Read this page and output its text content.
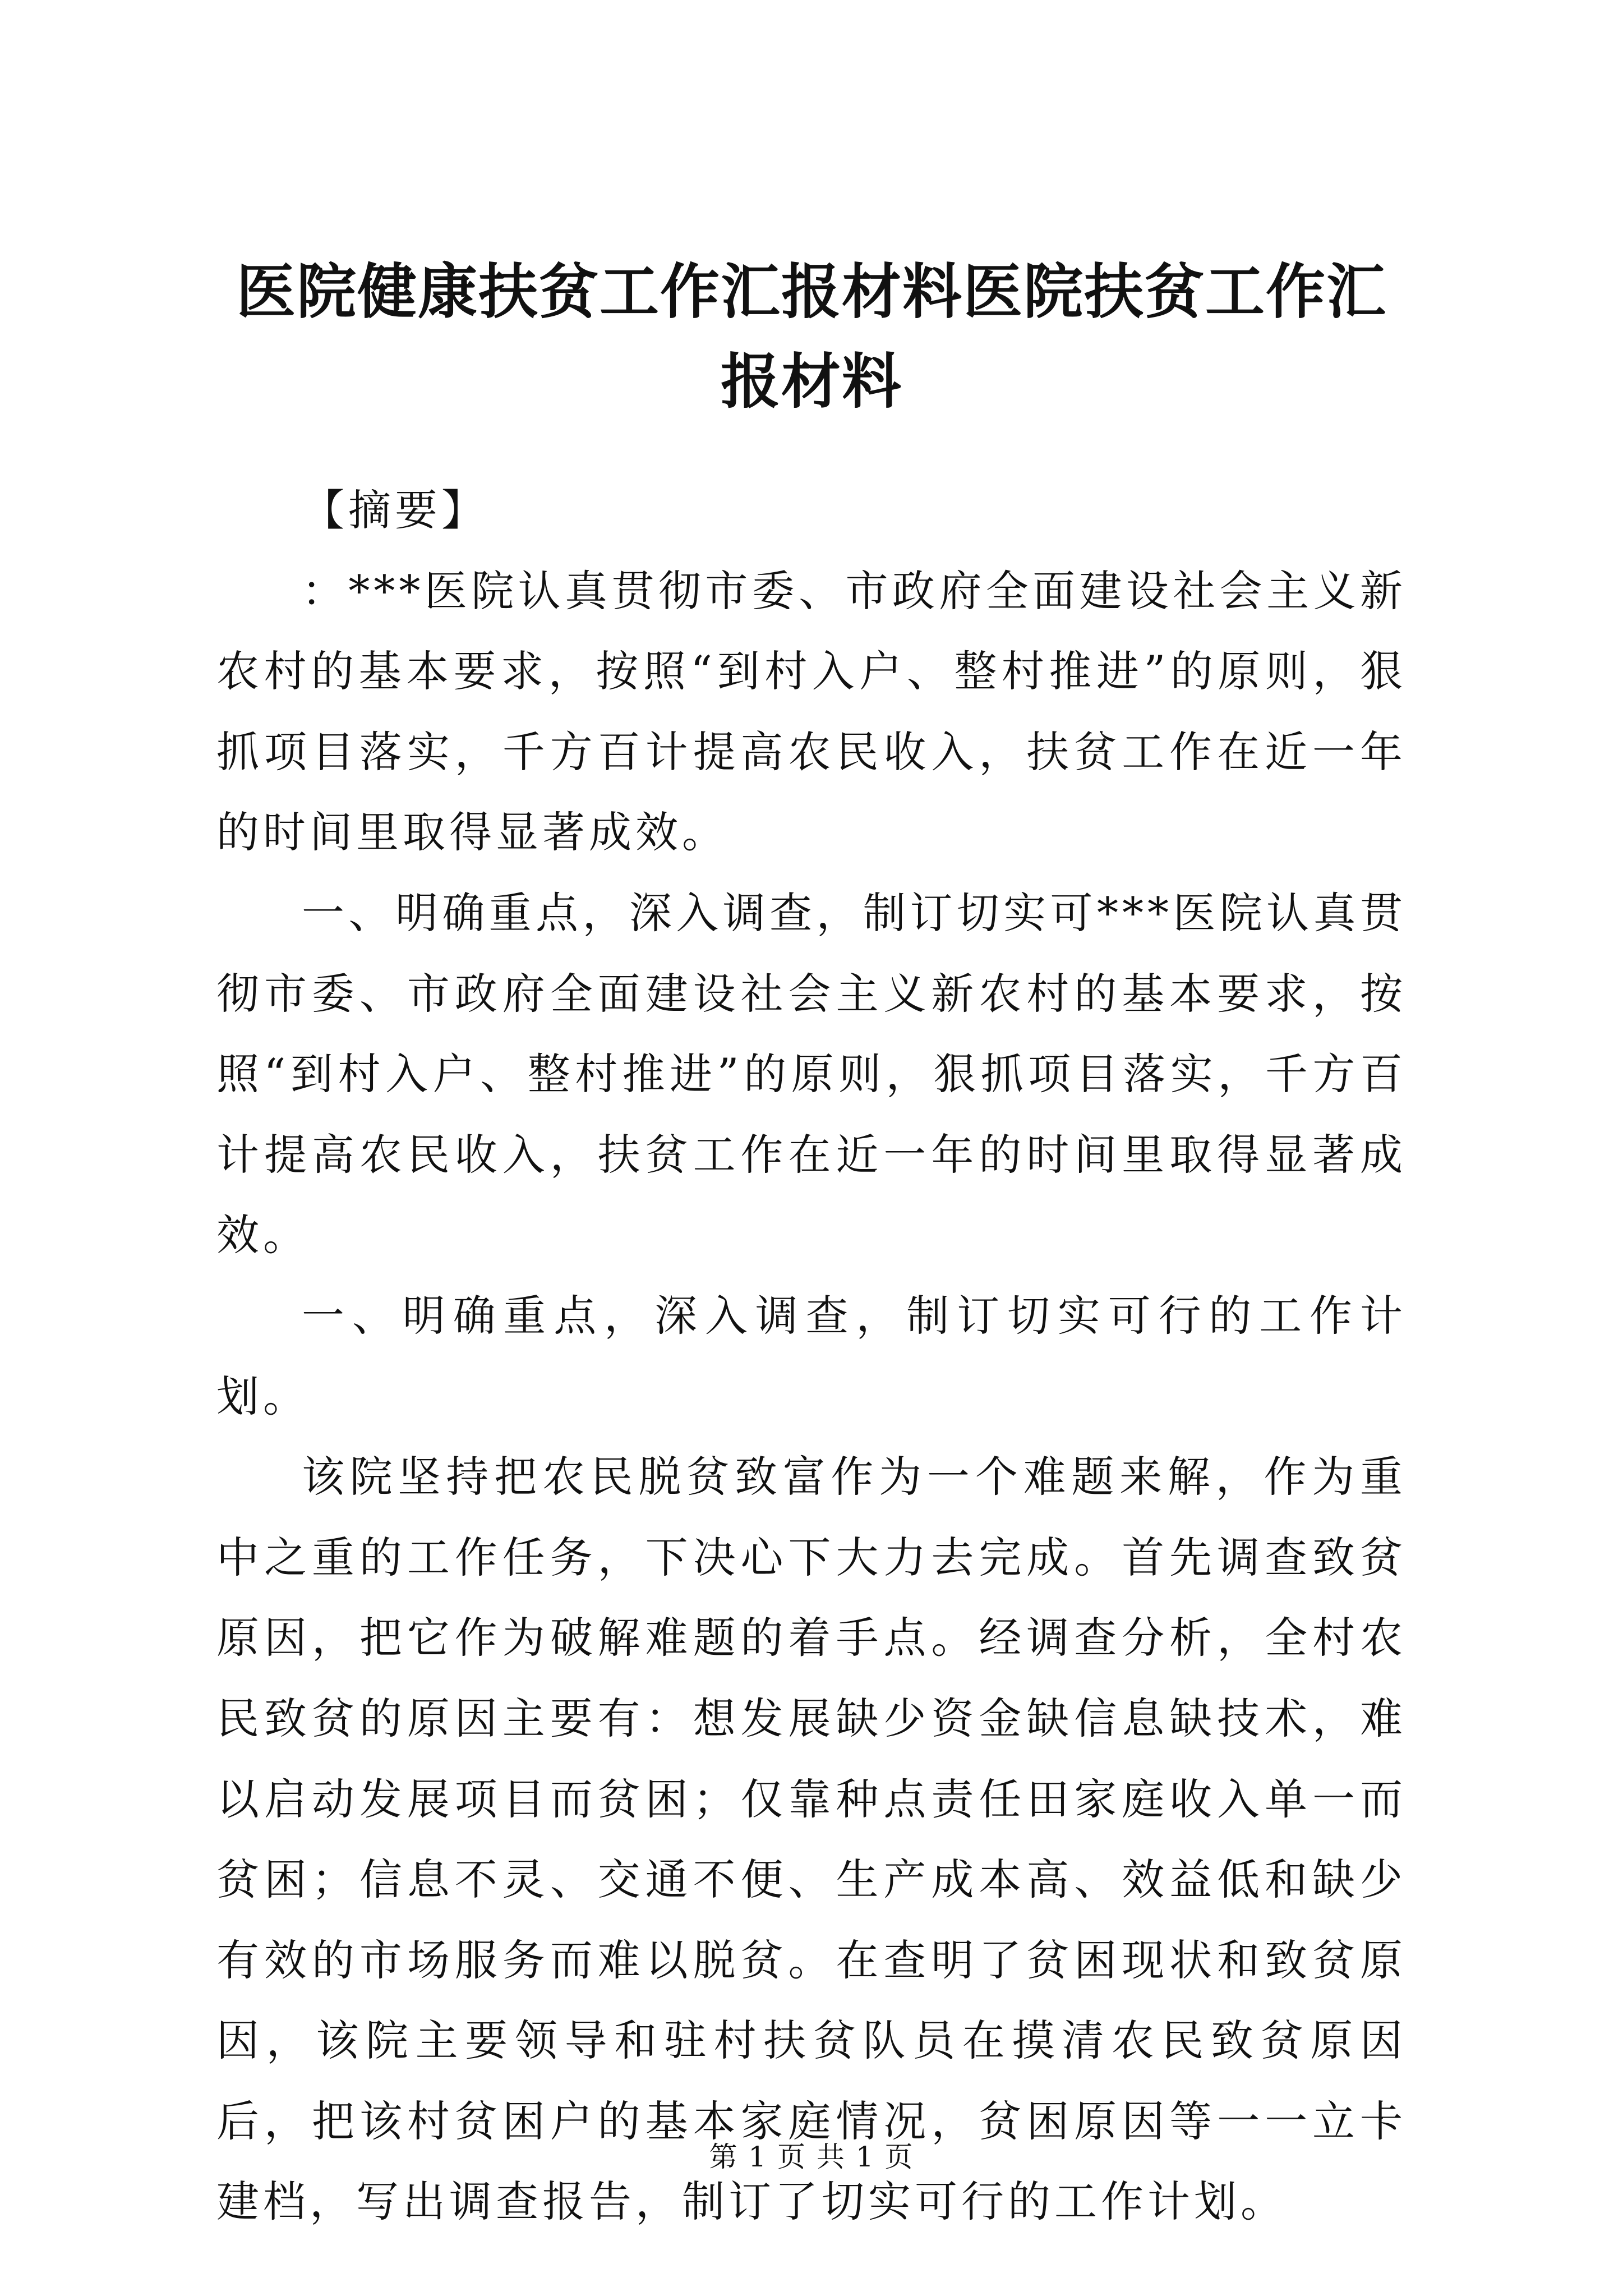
医院健康扶贫工作汇报材料医院扶贫工作汇报材料

【摘要】

：***医院认真贯彻市委、市政府全面建设社会主义新农村的基本要求，按照“到村入户、整村推进”的原则，狠抓项目落实，千方百计提高农民收入，扶贫工作在近一年的时间里取得显著成效。

一、明确重点，深入调查，制订切实可***医院认真贯彻市委、市政府全面建设社会主义新农村的基本要求，按照“到村入户、整村推进”的原则，狠抓项目落实，千方百计提高农民收入，扶贫工作在近一年的时间里取得显著成效。

一、明确重点，深入调查，制订切实可行的工作计划。

该院坚持把农民脱贫致富作为一个难题来解，作为重中之重的工作任务，下决心下大力去完成。首先调查致贫原因，把它作为破解难题的着手点。经调查分析，全村农民致贫的原因主要有：想发展缺少资金缺信息缺技术，难以启动发展项目而贫困；仅靠种点责任田家庭收入单一而贫困；信息不灵、交通不便、生产成本高、效益低和缺少有效的市场服务而难以脱贫。在查明了贫困现状和致贫原因，该院主要领导和驻村扶贫队员在摸清农民致贫原因后，把该村贫困户的基本家庭情况，贫困原因等一一立卡建档，写出调查报告，制订了切实可行的工作计划。

第 1 页 共 1 页
